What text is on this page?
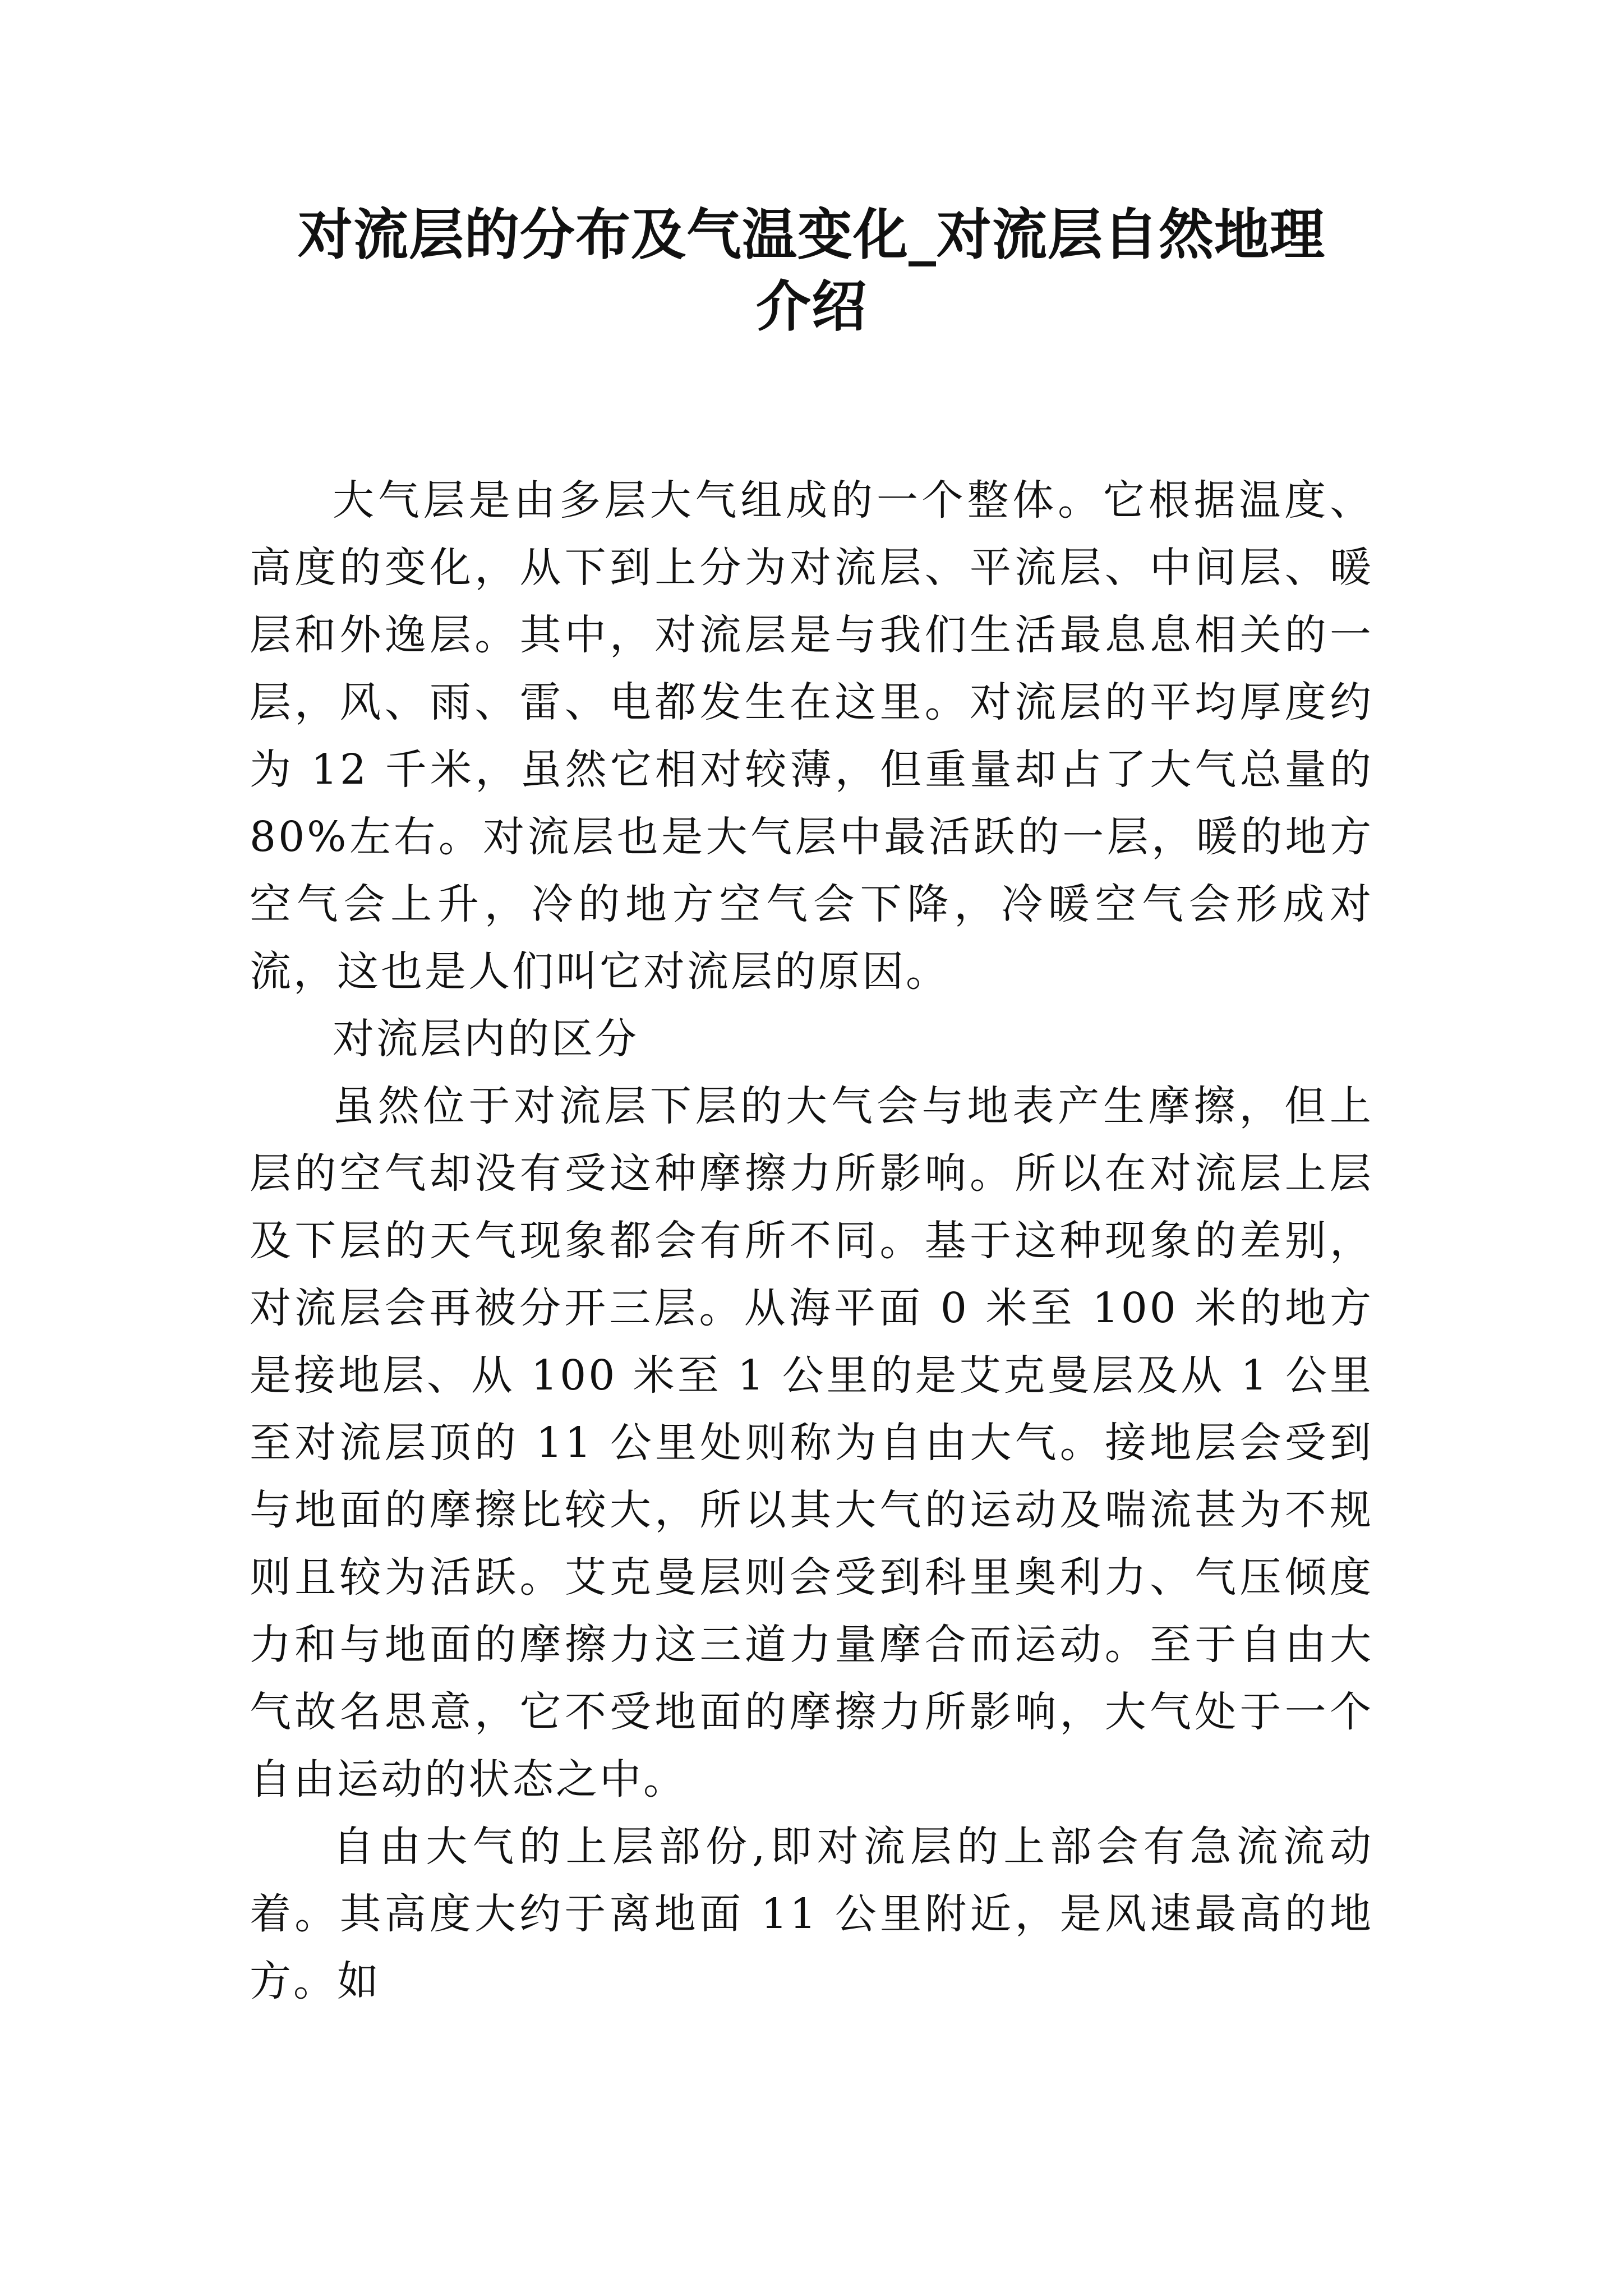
对流层的分布及气温变化_对流层自然地理
介绍

大气层是由多层大气组成的一个整体。它根据温度、高度的变化，从下到上分为对流层、平流层、中间层、暖层和外逸层。其中，对流层是与我们生活最息息相关的一层，风、雨、雷、电都发生在这里。对流层的平均厚度约为 12 千米，虽然它相对较薄，但重量却占了大气总量的 80%左右。对流层也是大气层中最活跃的一层，暖的地方空气会上升，冷的地方空气会下降，冷暖空气会形成对流，这也是人们叫它对流层的原因。

对流层内的区分

虽然位于对流层下层的大气会与地表产生摩擦，但上层的空气却没有受这种摩擦力所影响。所以在对流层上层及下层的天气现象都会有所不同。基于这种现象的差别，对流层会再被分开三层。从海平面 0 米至 100 米的地方是接地层、从 100 米至 1 公里的是艾克曼层及从 1 公里至对流层顶的 11 公里处则称为自由大气。接地层会受到与地面的摩擦比较大，所以其大气的运动及喘流甚为不规则且较为活跃。艾克曼层则会受到科里奥利力、气压倾度力和与地面的摩擦力这三道力量摩合而运动。至于自由大气故名思意，它不受地面的摩擦力所影响，大气处于一个自由运动的状态之中。

自由大气的上层部份,即对流层的上部会有急流流动着。其高度大约于离地面 11 公里附近，是风速最高的地方。如
